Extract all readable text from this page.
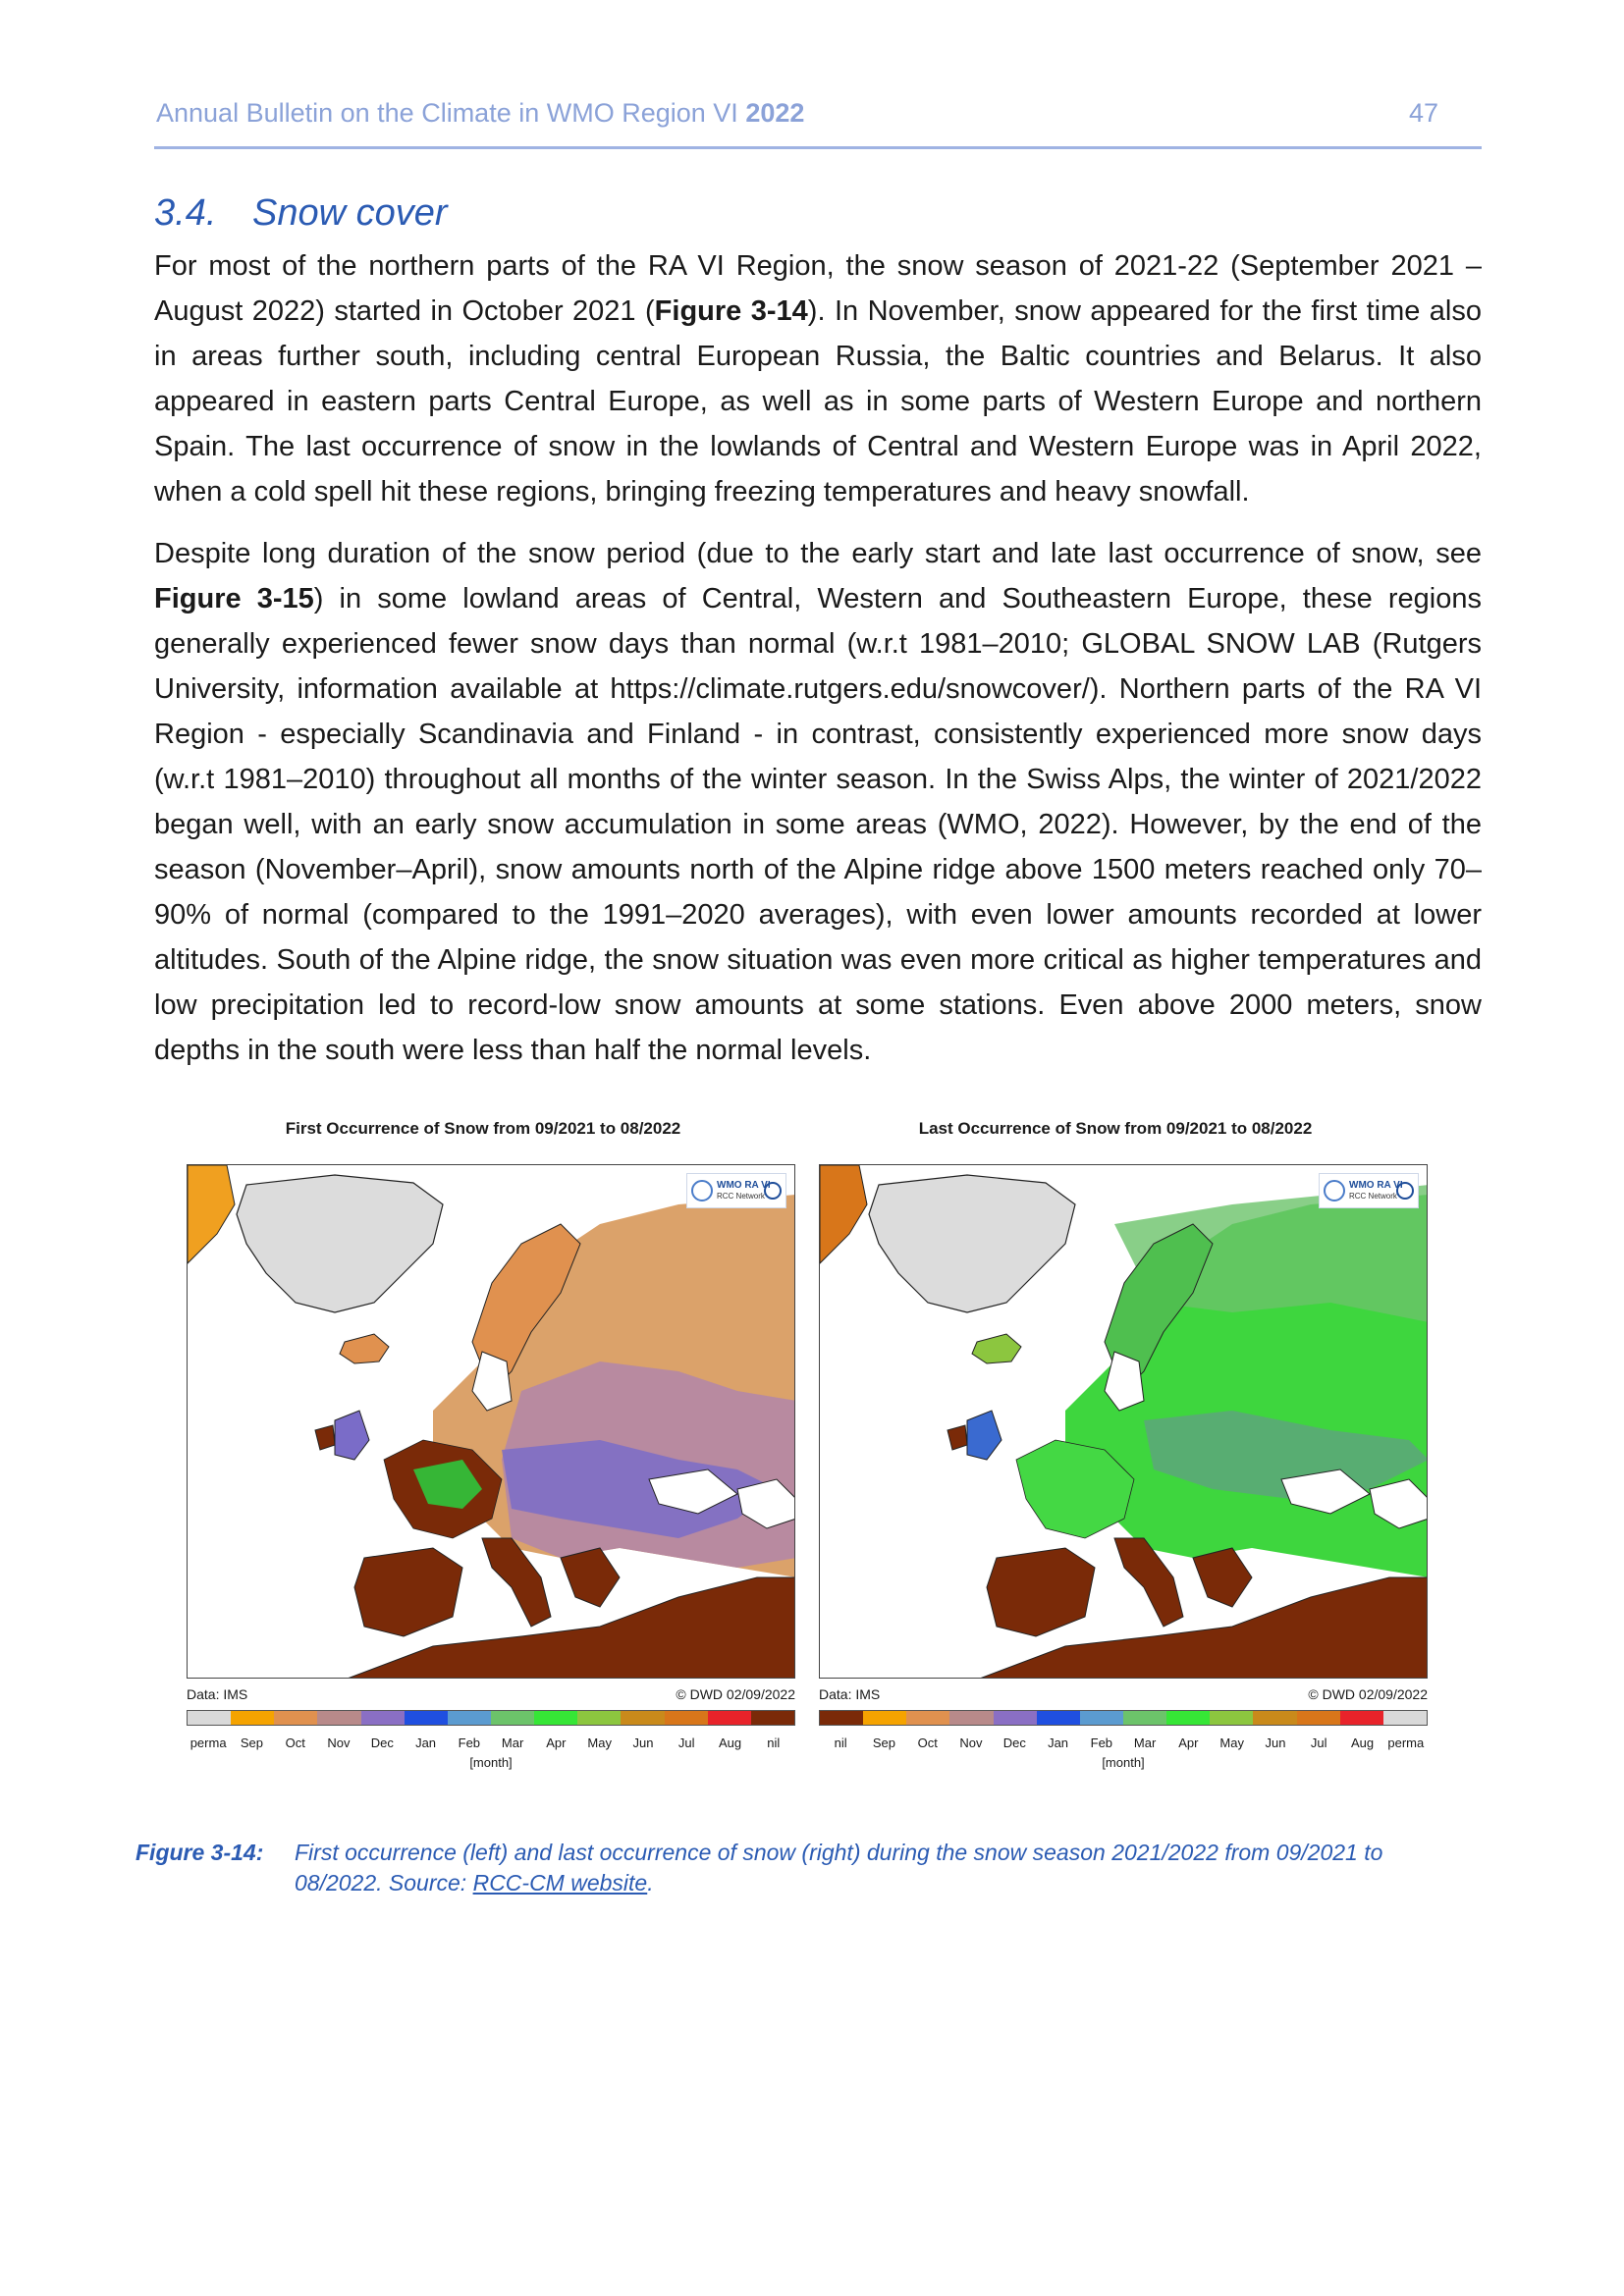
Annual Bulletin on the Climate in WMO Region VI 2022	47
3.4. Snow cover

For most of the northern parts of the RA VI Region, the snow season of 2021-22 (September 2021 – August 2022) started in October 2021 (Figure 3-14). In November, snow appeared for the first time also in areas further south, including central European Russia, the Baltic countries and Belarus. It also appeared in eastern parts Central Europe, as well as in some parts of Western Europe and northern Spain. The last occurrence of snow in the lowlands of Central and Western Europe was in April 2022, when a cold spell hit these regions, bringing freezing temperatures and heavy snowfall.

Despite long duration of the snow period (due to the early start and late last occurrence of snow, see Figure 3-15) in some lowland areas of Central, Western and Southeastern Europe, these regions generally experienced fewer snow days than normal (w.r.t 1981–2010; GLOBAL SNOW LAB (Rutgers University, information available at https://climate.rutgers.edu/snowcover/). Northern parts of the RA VI Region - especially Scandinavia and Finland - in contrast, consistently experienced more snow days (w.r.t 1981–2010) throughout all months of the winter season. In the Swiss Alps, the winter of 2021/2022 began well, with an early snow accumulation in some areas (WMO, 2022). However, by the end of the season (November–April), snow amounts north of the Alpine ridge above 1500 meters reached only 70–90% of normal (compared to the 1991–2020 averages), with even lower amounts recorded at lower altitudes. South of the Alpine ridge, the snow situation was even more critical as higher temperatures and low precipitation led to record-low snow amounts at some stations. Even above 2000 meters, snow depths in the south were less than half the normal levels.

First Occurrence of Snow from 09/2021 to 08/2022
WMO RA VI
RCC Network
Data: IMS	© DWD 02/09/2022
perma	Sep	Oct	Nov	Dec	Jan	Feb	Mar	Apr	May	Jun	Jul	Aug	nil
[month]
Last Occurrence of Snow from 09/2021 to 08/2022
WMO RA VI
RCC Network
Data: IMS	© DWD 02/09/2022
nil	Sep	Oct	Nov	Dec	Jan	Feb	Mar	Apr	May	Jun	Jul	Aug	perma
[month]
Figure 3-14: First occurrence (left) and last occurrence of snow (right) during the snow season 2021/2022 from 09/2021 to 08/2022. Source: RCC-CM website.
